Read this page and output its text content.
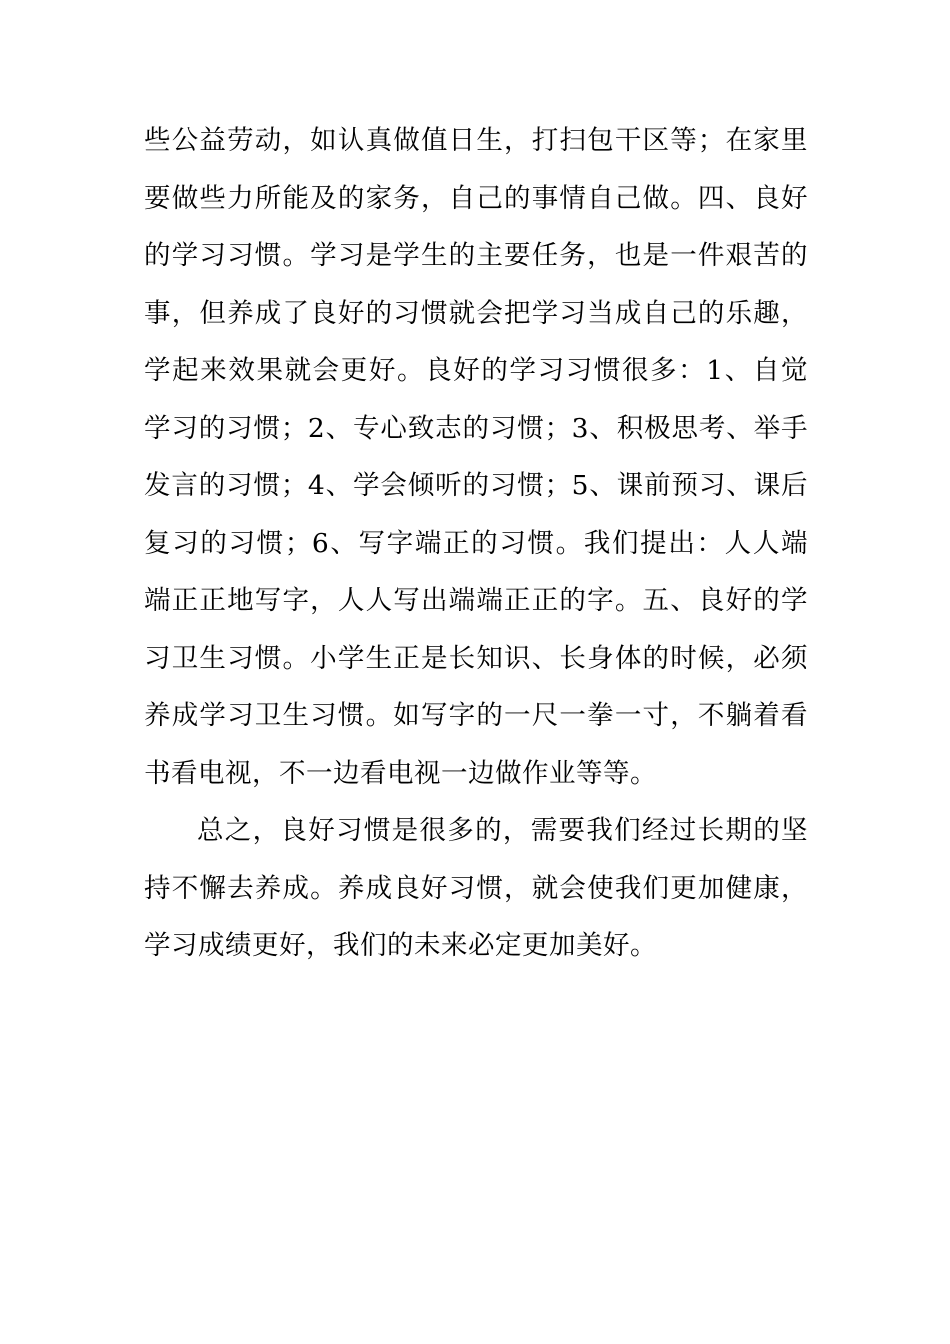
些公益劳动，如认真做值日生，打扫包干区等；在家里要做些力所能及的家务，自己的事情自己做。四、良好的学习习惯。学习是学生的主要任务，也是一件艰苦的事，但养成了良好的习惯就会把学习当成自己的乐趣，学起来效果就会更好。良好的学习习惯很多：1、自觉学习的习惯；2、专心致志的习惯；3、积极思考、举手发言的习惯；4、学会倾听的习惯；5、课前预习、课后复习的习惯；6、写字端正的习惯。我们提出：人人端端正正地写字，人人写出端端正正的字。五、良好的学习卫生习惯。小学生正是长知识、长身体的时候，必须养成学习卫生习惯。如写字的一尺一拳一寸，不躺着看书看电视，不一边看电视一边做作业等等。

总之，良好习惯是很多的，需要我们经过长期的坚持不懈去养成。养成良好习惯，就会使我们更加健康，学习成绩更好，我们的未来必定更加美好。
